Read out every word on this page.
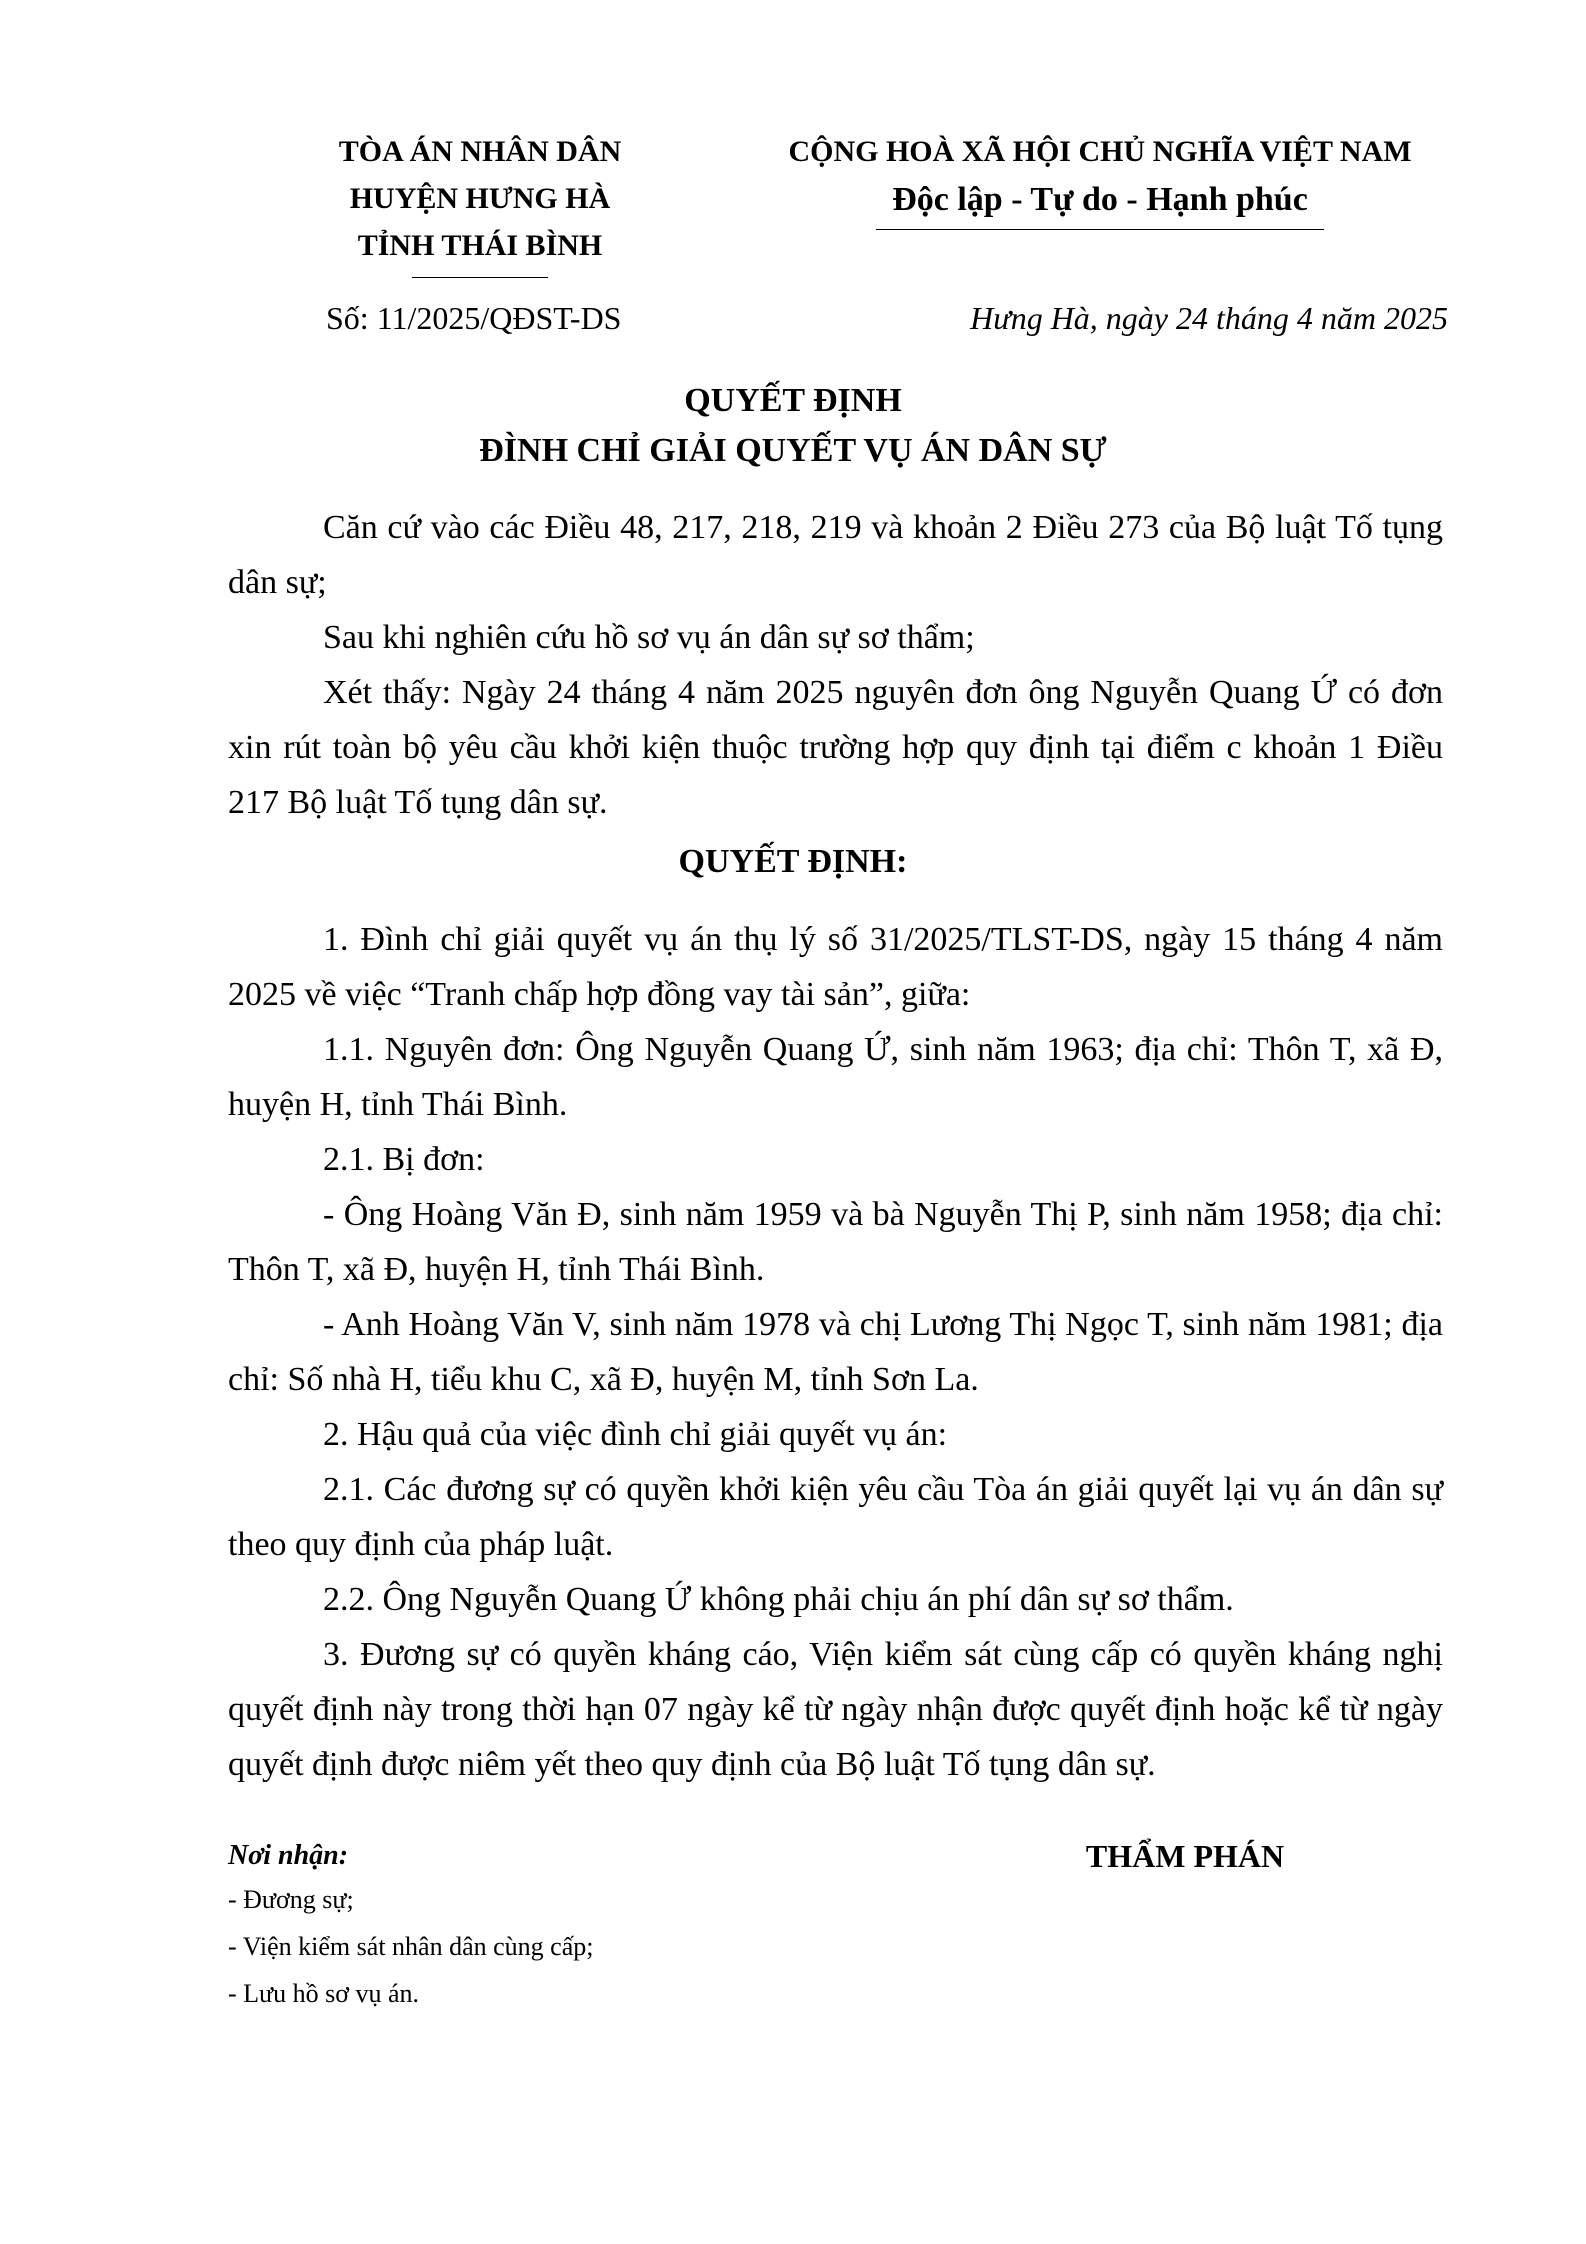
TÒA ÁN NHÂN DÂN
HUYỆN HƯNG HÀ
TỈNH THÁI BÌNH
CỘNG HOÀ XÃ HỘI CHỦ NGHĨA VIỆT NAM
Độc lập - Tự do - Hạnh phúc
Số: 11/2025/QĐST-DS	Hưng Hà, ngày 24 tháng 4 năm 2025
QUYẾT ĐỊNH
ĐÌNH CHỈ GIẢI QUYẾT VỤ ÁN DÂN SỰ

Căn cứ vào các Điều 48, 217, 218, 219 và khoản 2 Điều 273 của Bộ luật Tố tụng dân sự;

Sau khi nghiên cứu hồ sơ vụ án dân sự sơ thẩm;

Xét thấy: Ngày 24 tháng 4 năm 2025 nguyên đơn ông Nguyễn Quang Ứ có đơn xin rút toàn bộ yêu cầu khởi kiện thuộc trường hợp quy định tại điểm c khoản 1 Điều 217 Bộ luật Tố tụng dân sự.

QUYẾT ĐỊNH:

1. Đình chỉ giải quyết vụ án thụ lý số 31/2025/TLST-DS, ngày 15 tháng 4 năm 2025 về việc “Tranh chấp hợp đồng vay tài sản”, giữa:

1.1. Nguyên đơn: Ông Nguyễn Quang Ứ, sinh năm 1963; địa chỉ: Thôn T, xã Đ, huyện H, tỉnh Thái Bình.

2.1. Bị đơn:

- Ông Hoàng Văn Đ, sinh năm 1959 và bà Nguyễn Thị P, sinh năm 1958; địa chỉ: Thôn T, xã Đ, huyện H, tỉnh Thái Bình.

- Anh Hoàng Văn V, sinh năm 1978 và chị Lương Thị Ngọc T, sinh năm 1981; địa chỉ: Số nhà H, tiểu khu C, xã Đ, huyện M, tỉnh Sơn La.

2. Hậu quả của việc đình chỉ giải quyết vụ án:

2.1. Các đương sự có quyền khởi kiện yêu cầu Tòa án giải quyết lại vụ án dân sự theo quy định của pháp luật.

2.2. Ông Nguyễn Quang Ứ không phải chịu án phí dân sự sơ thẩm.

3. Đương sự có quyền kháng cáo, Viện kiểm sát cùng cấp có quyền kháng nghị quyết định này trong thời hạn 07 ngày kể từ ngày nhận được quyết định hoặc kể từ ngày quyết định được niêm yết theo quy định của Bộ luật Tố tụng dân sự.

Nơi nhận:
- Đương sự;
- Viện kiểm sát nhân dân cùng cấp;
- Lưu hồ sơ vụ án.
THẨM PHÁN
